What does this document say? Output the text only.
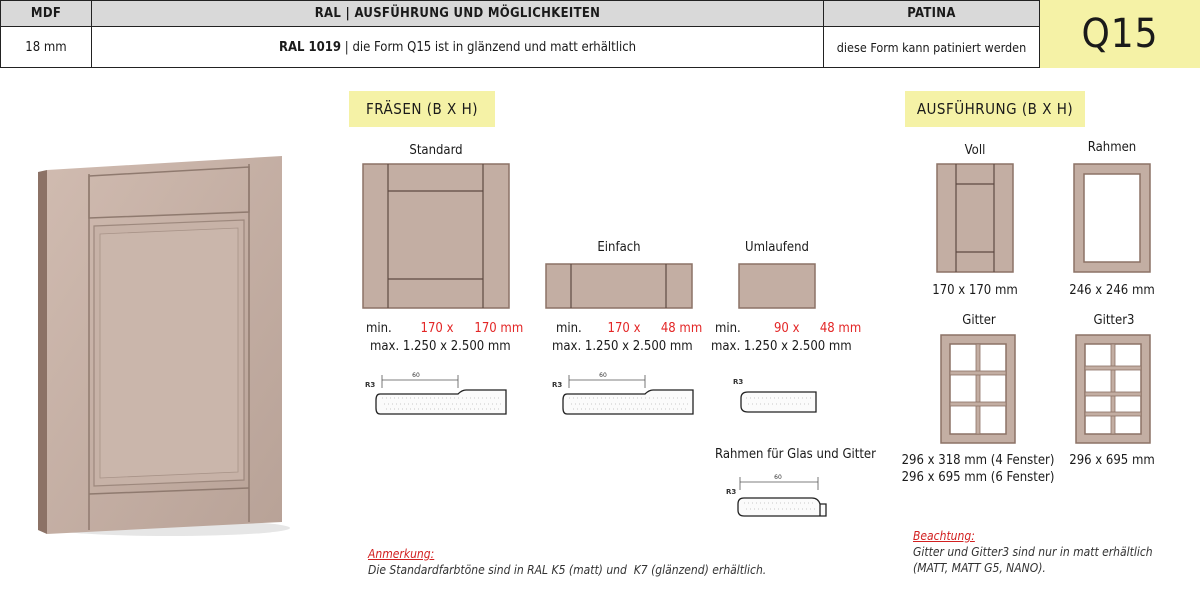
MDF	RAL | AUSFÜHRUNG UND MÖGLICHKEITEN	PATINA
18 mm	RAL 1019 | die Form Q15 ist in glänzend und matt erhältlich	diese Form kann patiniert werden	Q15
FRÄSEN (B X H)
Standard
Einfach	Umlaufend
min. 170 x 170 mm
max. 1.250 x 2.500 mm
min. 170 x 48 mm
max. 1.250 x 2.500 mm
min.	90 x 48 mm
max. 1.250 x 2.500 mm
60
R3
60
R3	R3
Rahmen für Glas und Gitter
60
R3
AUSFÜHRUNG (B X H)
Voll
170 x 170 mm
Rahmen
246 x 246 mm
Gitter
296 x 318 mm (4 Fenster)
296 x 695 mm (6 Fenster)
Gitter3
296 x 695 mm
Anmerkung:
Die Standardfarbtöne sind in RAL K5 (matt) und  K7 (glänzend) erhältlich.
Beachtung:
Gitter und Gitter3 sind nur in matt erhältlich
(MATT, MATT G5, NANO).
